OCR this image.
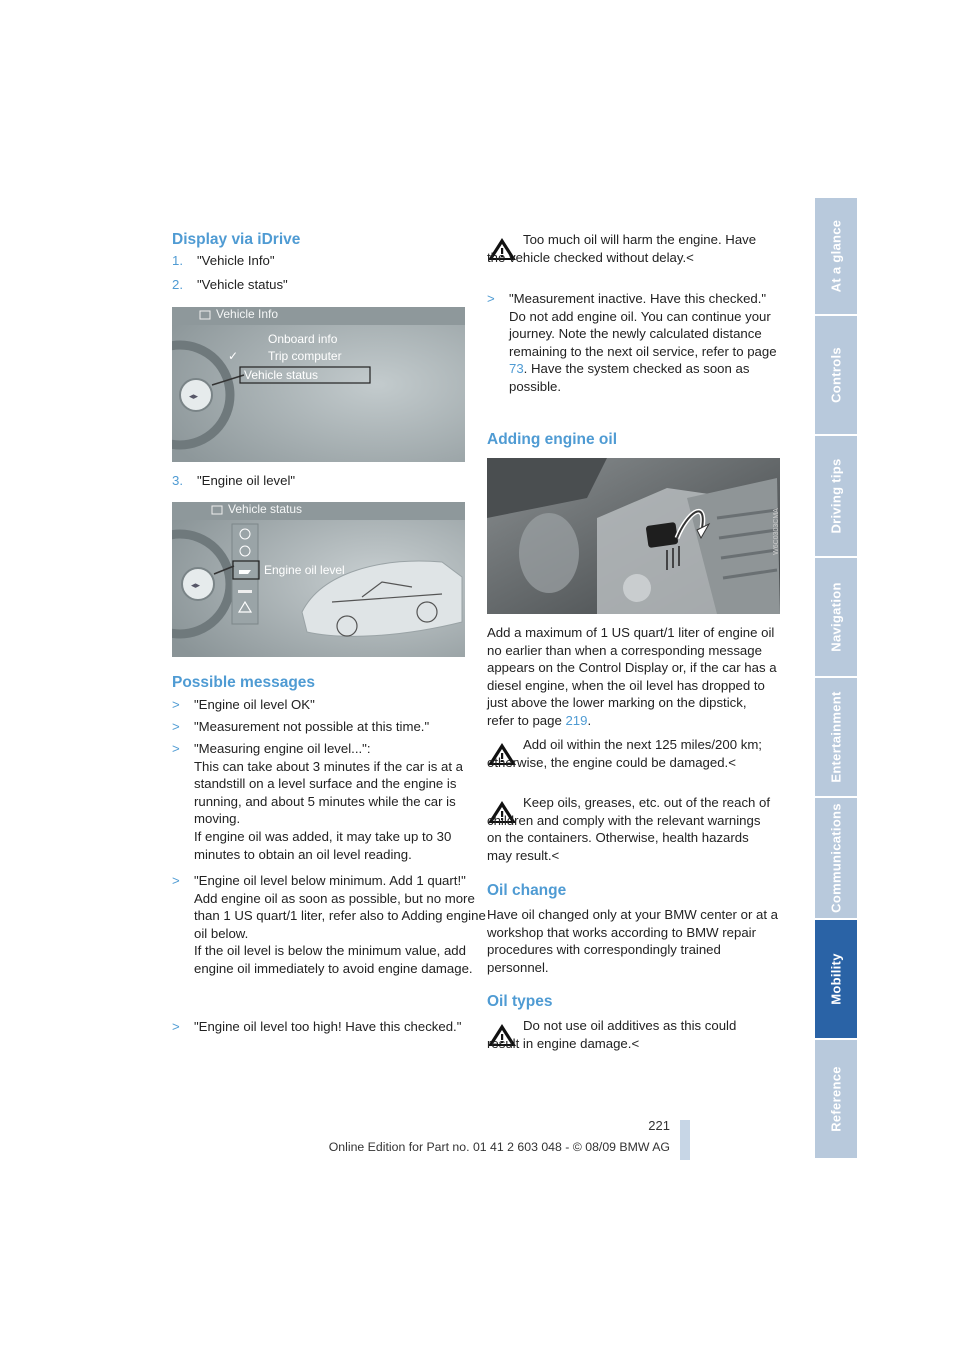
Display via iDrive
1. "Vehicle Info"
2. "Vehicle status"
◂▸
Vehicle Info
Onboard info
✓ Trip computer
Vehicle status
3. "Engine oil level"
◂▸
Vehicle status
Engine oil level
Possible messages
> "Engine oil level OK"
> "Measurement not possible at this time."
> "Measuring engine oil level...":
This can take about 3 minutes if the car is at a standstill on a level surface and the engine is running, and about 5 minutes while the car is moving.
If engine oil was added, it may take up to 30 minutes to obtain an oil level reading.
> "Engine oil level below minimum. Add 1 quart!"
Add engine oil as soon as possible, but no more than 1 US quart/1 liter, refer also to Adding engine oil below.
If the oil level is below the minimum value, add engine oil immediately to avoid engine damage.
> "Engine oil level too high! Have this checked."
Too much oil will harm the engine. Have the vehicle checked without delay.<
> "Measurement inactive. Have this checked."
Do not add engine oil. You can continue your journey. Note the newly calculated distance remaining to the next oil service, refer to page 73. Have the system checked as soon as possible.
Adding engine oil
W6C0303CMA
Add a maximum of 1 US quart/1 liter of engine oil no earlier than when a corresponding message appears on the Control Display or, if the car has a diesel engine, when the oil level has dropped to just above the lower marking on the dipstick, refer to page 219.
Add oil within the next 125 miles/200 km; otherwise, the engine could be damaged.<
Keep oils, greases, etc. out of the reach of children and comply with the relevant warnings on the containers. Otherwise, health hazards may result.<
Oil change
Have oil changed only at your BMW center or at a workshop that works according to BMW repair procedures with correspondingly trained personnel.
Oil types
Do not use oil additives as this could result in engine damage.<
At a glance
Controls
Driving tips
Navigation
Entertainment
Communications
Mobility
Reference
221
Online Edition for Part no. 01 41 2 603 048 - © 08/09 BMW AG
